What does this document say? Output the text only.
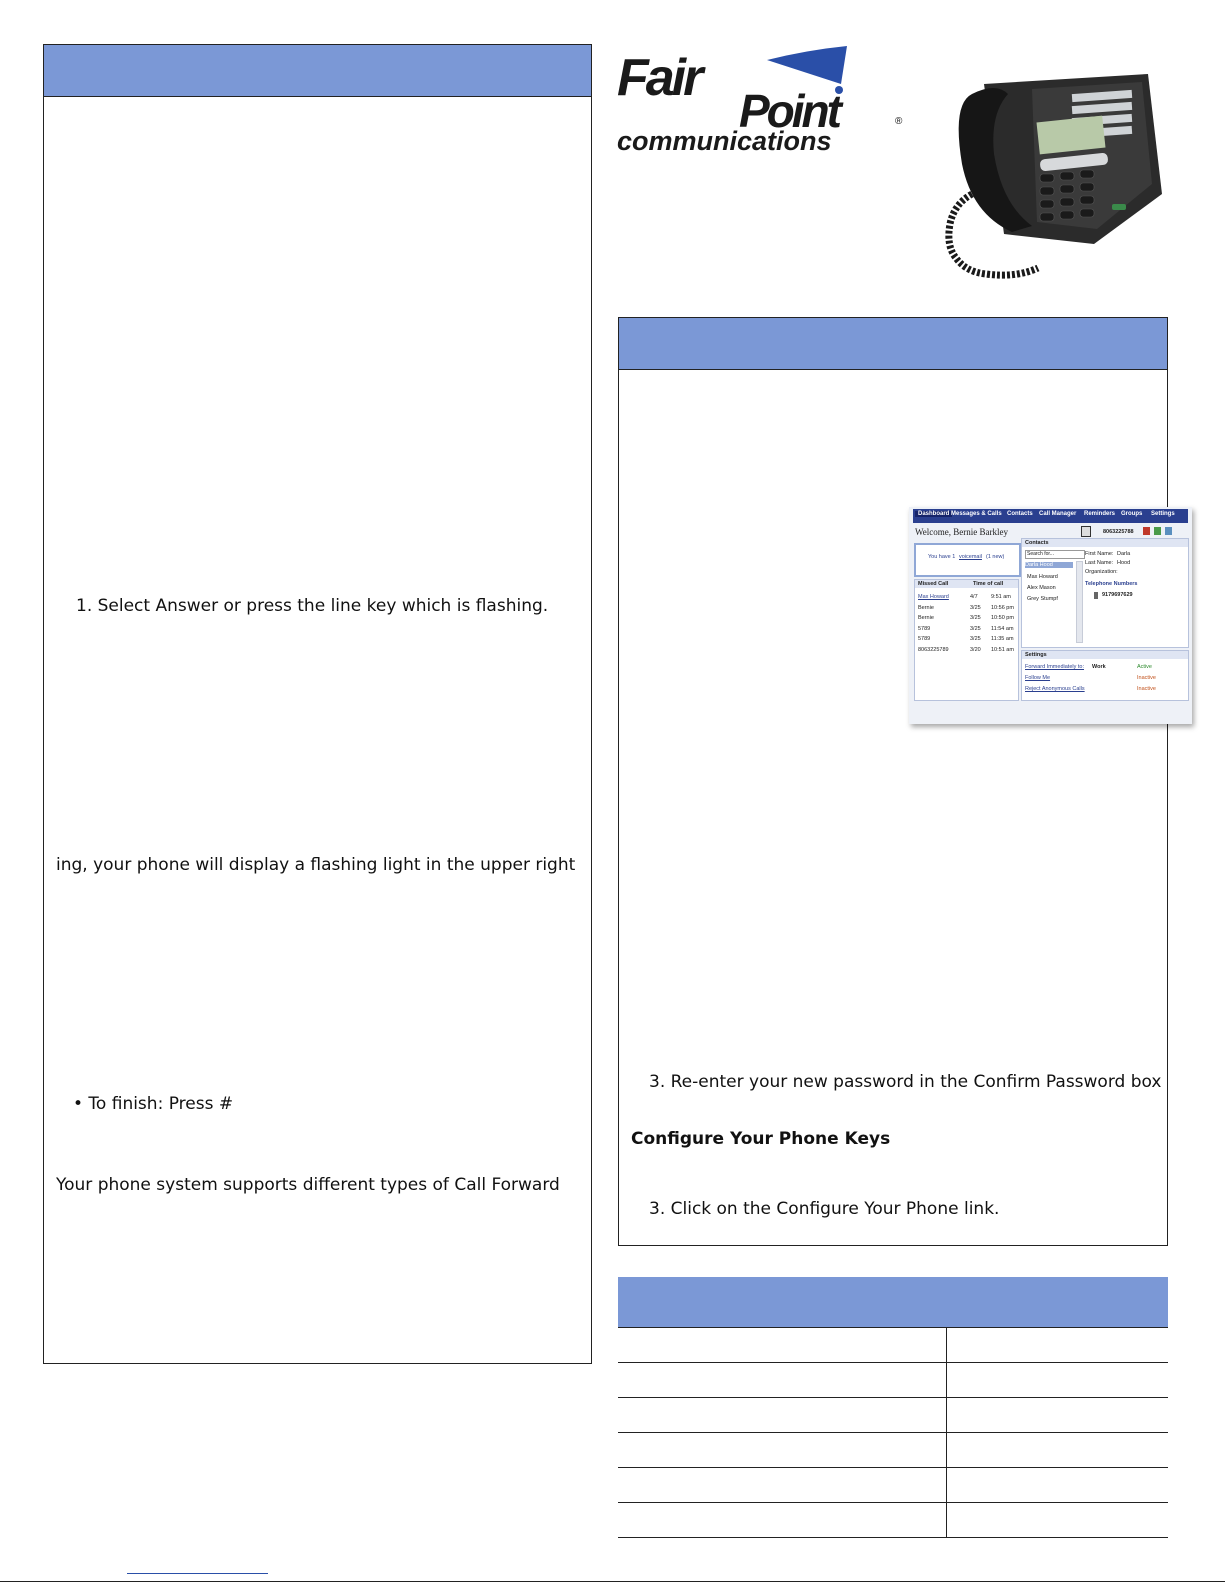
1. Select Answer or press the line key which is flashing.
ing, your phone will display a flashing light in the upper right
• To finish: Press #
Your phone system supports different types of Call Forward
Fair
Point	®
communications
3. Re-enter your new password in the Confirm Password box
Configure Your Phone Keys
3. Click on the Configure Your Phone link.
Dashboard Messages & Calls Contacts Call Manager Reminders Groups Settings
Welcome, Bernie Barkley	8063225788
You have 1 voicemail (1 new)
Missed Call	Time of call
Max Howard	4/7 9:51 am
Bernie	3/25 10:56 pm
Bernie	3/25 10:50 pm
5789	3/25 11:54 am
5789	3/25 11:35 am
8063225789	3/20 10:51 am
Contacts
Search for...
Darla Hood
Max Howard
Alex Mason
Grey Stumpf
First Name: Darla
Last Name: Hood
Organization:
Telephone Numbers
9179697629
Settings
Forward Immediately to: Work	Active
Follow Me	Inactive
Reject Anonymous Calls	Inactive
